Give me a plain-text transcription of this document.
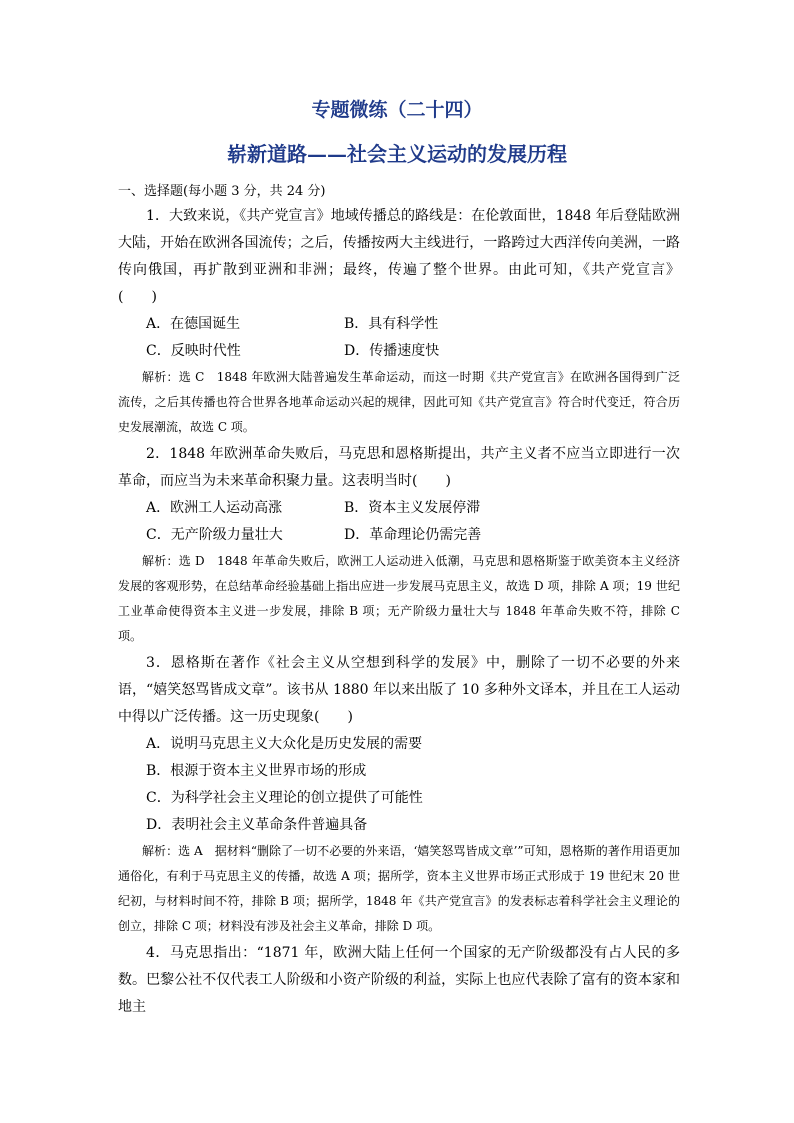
专题微练（二十四）
崭新道路——社会主义运动的发展历程
一、选择题(每小题 3 分，共 24 分)

1．大致来说，《共产党宣言》地域传播总的路线是：在伦敦面世，1848 年后登陆欧洲大陆，开始在欧洲各国流传；之后，传播按两大主线进行，一路跨过大西洋传向美洲，一路传向俄国，再扩散到亚洲和非洲；最终，传遍了整个世界。由此可知，《共产党宣言》(　　)

A．在德国诞生	B．具有科学性
C．反映时代性	D．传播速度快

解析：选 C　1848 年欧洲大陆普遍发生革命运动，而这一时期《共产党宣言》在欧洲各国得到广泛流传，之后其传播也符合世界各地革命运动兴起的规律，因此可知《共产党宣言》符合时代变迁，符合历史发展潮流，故选 C 项。

2．1848 年欧洲革命失败后，马克思和恩格斯提出，共产主义者不应当立即进行一次革命，而应当为未来革命积聚力量。这表明当时(　　)

A．欧洲工人运动高涨	B．资本主义发展停滞
C．无产阶级力量壮大	D．革命理论仍需完善

解析：选 D　1848 年革命失败后，欧洲工人运动进入低潮，马克思和恩格斯鉴于欧美资本主义经济发展的客观形势，在总结革命经验基础上指出应进一步发展马克思主义，故选 D 项，排除 A 项；19 世纪工业革命使得资本主义进一步发展，排除 B 项；无产阶级力量壮大与 1848 年革命失败不符，排除 C 项。

3．恩格斯在著作《社会主义从空想到科学的发展》中，删除了一切不必要的外来语，“嬉笑怒骂皆成文章”。该书从 1880 年以来出版了 10 多种外文译本，并且在工人运动中得以广泛传播。这一历史现象(　　)

A．说明马克思主义大众化是历史发展的需要
B．根源于资本主义世界市场的形成
C．为科学社会主义理论的创立提供了可能性
D．表明社会主义革命条件普遍具备

解析：选 A　据材料“删除了一切不必要的外来语，‘嬉笑怒骂皆成文章’”可知，恩格斯的著作用语更加通俗化，有利于马克思主义的传播，故选 A 项；据所学，资本主义世界市场正式形成于 19 世纪末 20 世纪初，与材料时间不符，排除 B 项；据所学，1848 年《共产党宣言》的发表标志着科学社会主义理论的创立，排除 C 项；材料没有涉及社会主义革命，排除 D 项。

4．马克思指出：“1871 年，欧洲大陆上任何一个国家的无产阶级都没有占人民的多数。巴黎公社不仅代表工人阶级和小资产阶级的利益，实际上也应代表除了富有的资本家和地主
